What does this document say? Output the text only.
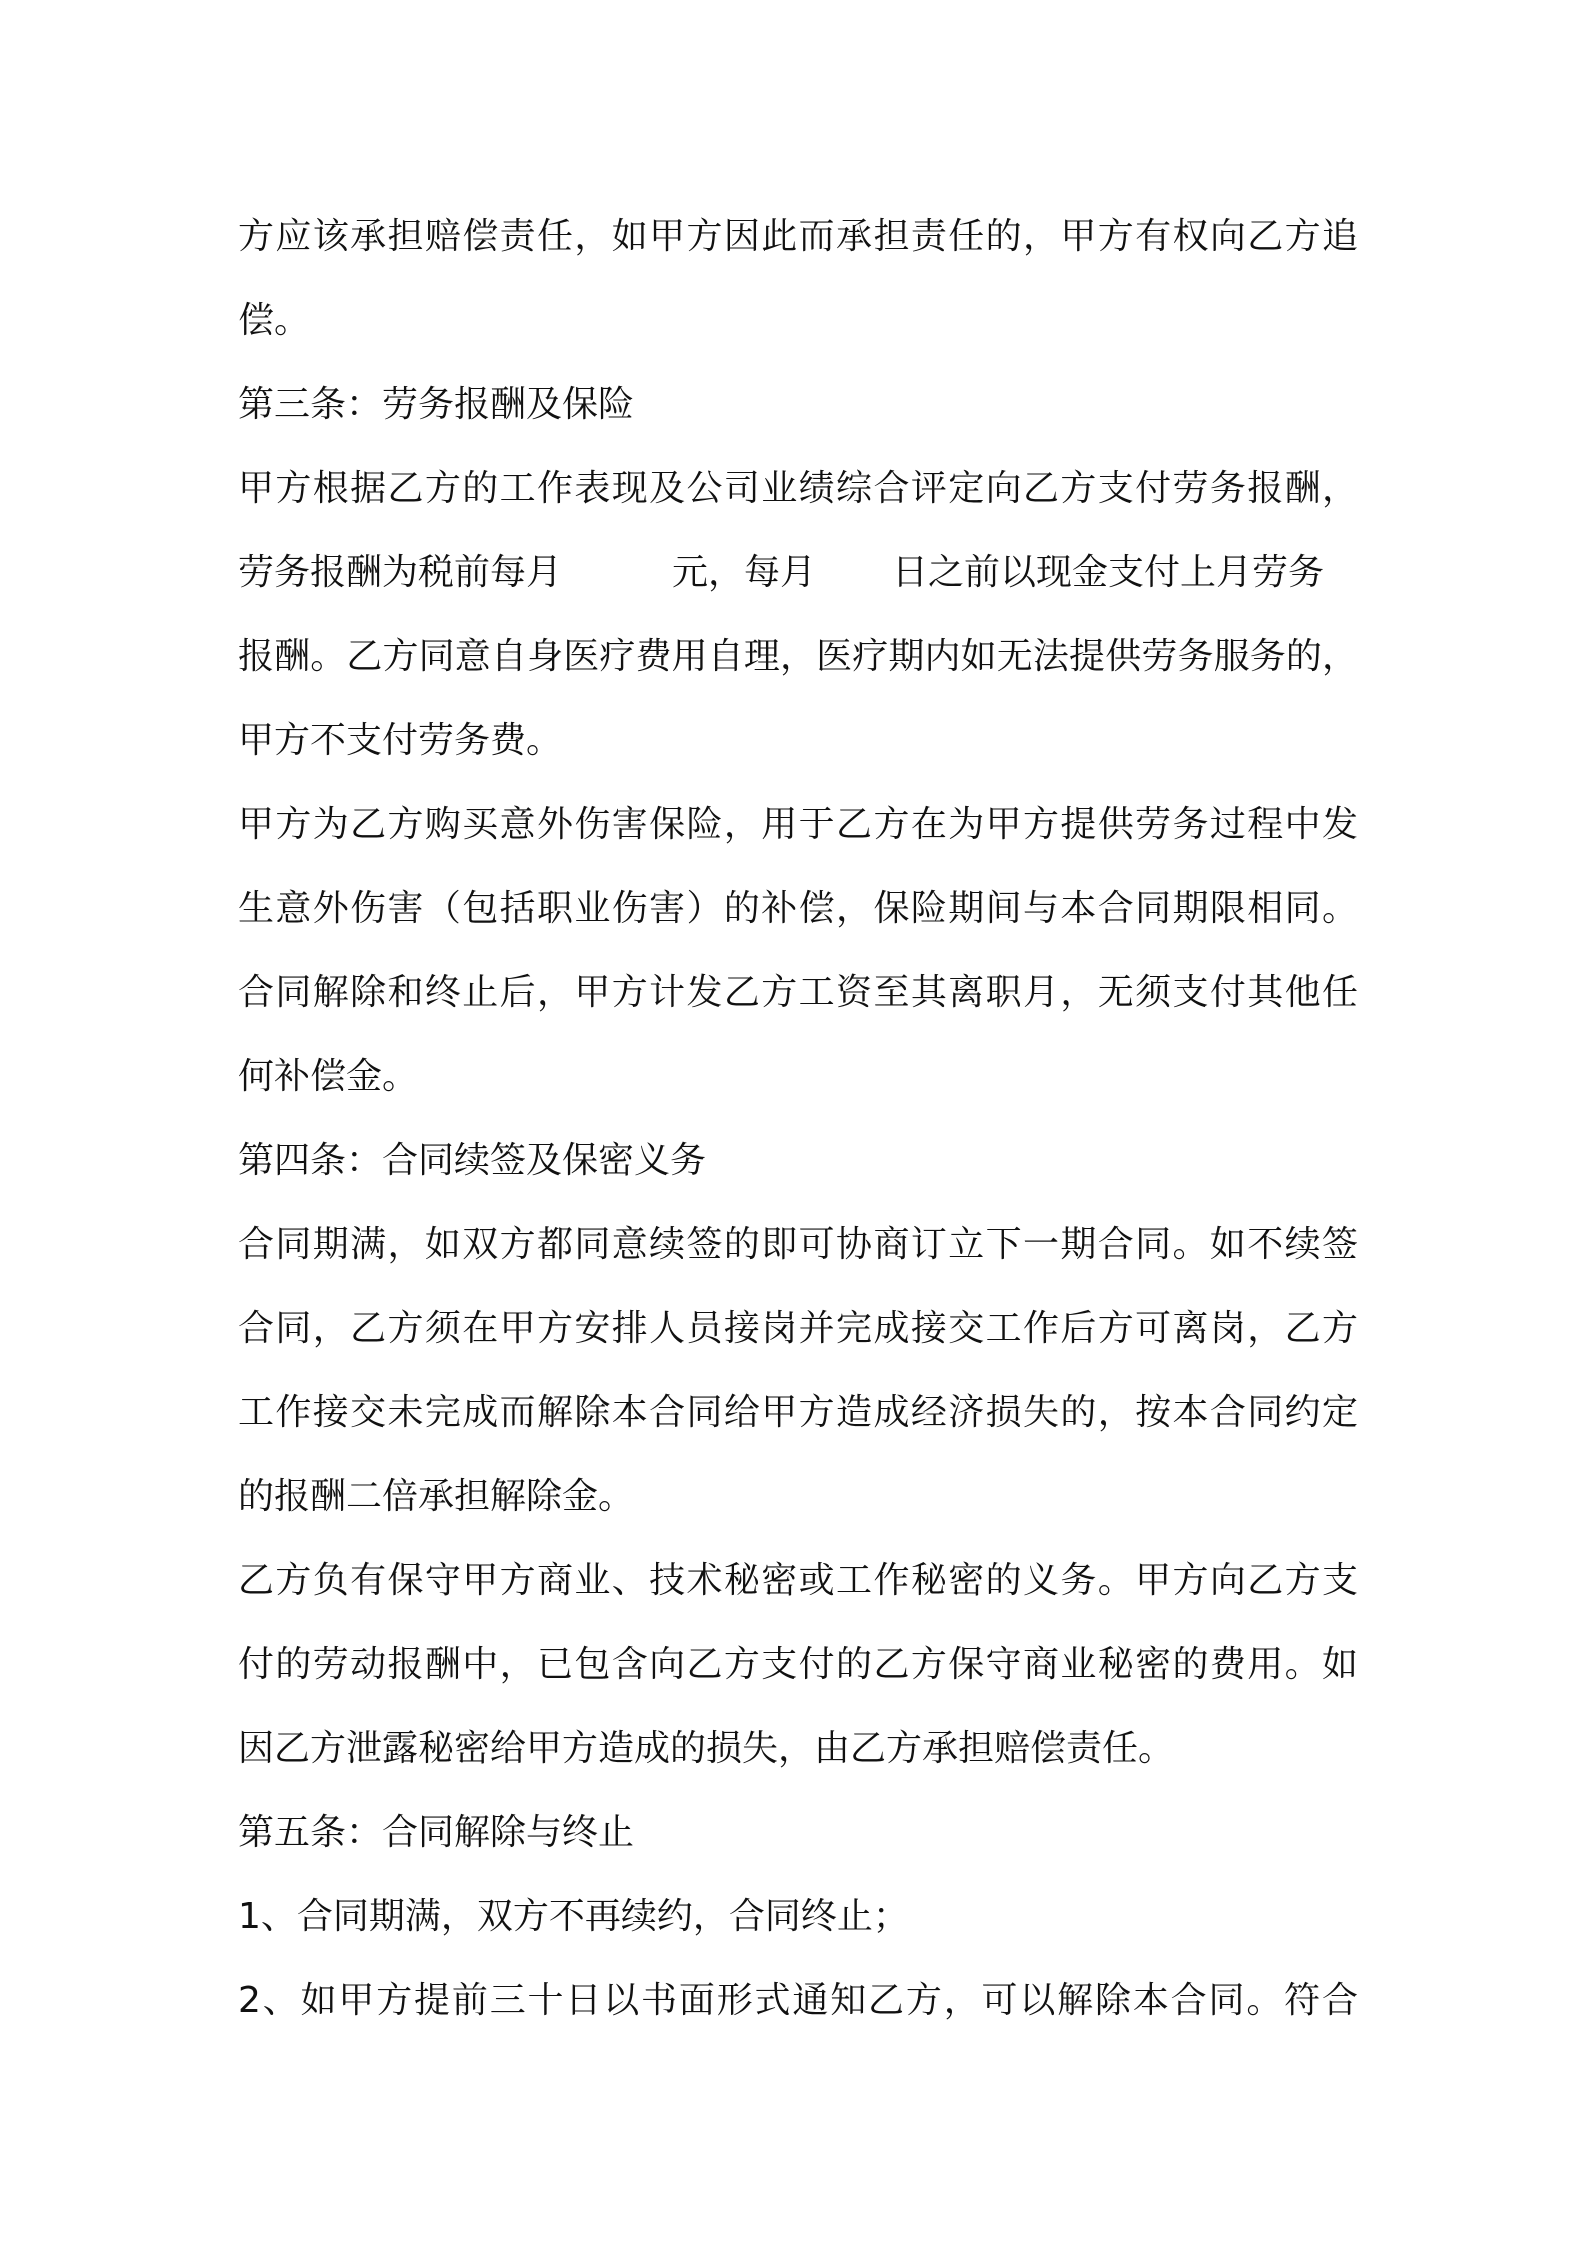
方应该承担赔偿责任，如甲方因此而承担责任的，甲方有权向乙方追
偿。
第三条：劳务报酬及保险
甲方根据乙方的工作表现及公司业绩综合评定向乙方支付劳务报酬，
劳务报酬为税前每月	元，每月 日之前以现金支付上月劳务
报酬。乙方同意自身医疗费用自理，医疗期内如无法提供劳务服务的，
甲方不支付劳务费。
甲方为乙方购买意外伤害保险，用于乙方在为甲方提供劳务过程中发
生意外伤害（包括职业伤害）的补偿，保险期间与本合同期限相同。
合同解除和终止后，甲方计发乙方工资至其离职月，无须支付其他任
何补偿金。
第四条：合同续签及保密义务
合同期满，如双方都同意续签的即可协商订立下一期合同。如不续签
合同，乙方须在甲方安排人员接岗并完成接交工作后方可离岗，乙方
工作接交未完成而解除本合同给甲方造成经济损失的，按本合同约定
的报酬二倍承担解除金。
乙方负有保守甲方商业、技术秘密或工作秘密的义务。甲方向乙方支
付的劳动报酬中，已包含向乙方支付的乙方保守商业秘密的费用。如
因乙方泄露秘密给甲方造成的损失，由乙方承担赔偿责任。
第五条：合同解除与终止
1、合同期满，双方不再续约，合同终止；
2、如甲方提前三十日以书面形式通知乙方，可以解除本合同。符合
